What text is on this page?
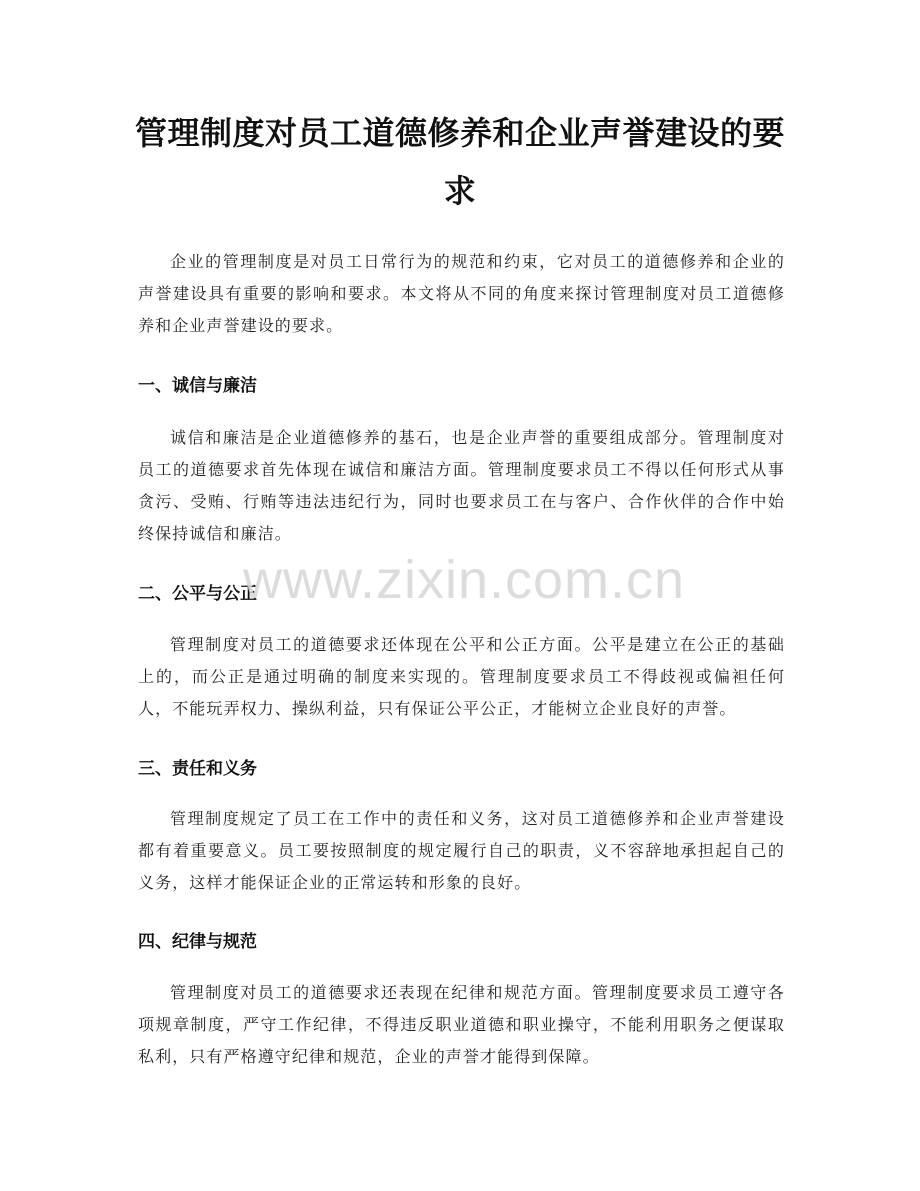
管理制度对员工道德修养和企业声誉建设的要求

企业的管理制度是对员工日常行为的规范和约束，它对员工的道德修养和企业的声誉建设具有重要的影响和要求。本文将从不同的角度来探讨管理制度对员工道德修养和企业声誉建设的要求。

一、诚信与廉洁

诚信和廉洁是企业道德修养的基石，也是企业声誉的重要组成部分。管理制度对员工的道德要求首先体现在诚信和廉洁方面。管理制度要求员工不得以任何形式从事贪污、受贿、行贿等违法违纪行为，同时也要求员工在与客户、合作伙伴的合作中始终保持诚信和廉洁。

二、公平与公正

管理制度对员工的道德要求还体现在公平和公正方面。公平是建立在公正的基础上的，而公正是通过明确的制度来实现的。管理制度要求员工不得歧视或偏袒任何人，不能玩弄权力、操纵利益，只有保证公平公正，才能树立企业良好的声誉。

三、责任和义务

管理制度规定了员工在工作中的责任和义务，这对员工道德修养和企业声誉建设都有着重要意义。员工要按照制度的规定履行自己的职责，义不容辞地承担起自己的义务，这样才能保证企业的正常运转和形象的良好。

四、纪律与规范

管理制度对员工的道德要求还表现在纪律和规范方面。管理制度要求员工遵守各项规章制度，严守工作纪律，不得违反职业道德和职业操守，不能利用职务之便谋取私利，只有严格遵守纪律和规范，企业的声誉才能得到保障。

www.zixin.com.cn
